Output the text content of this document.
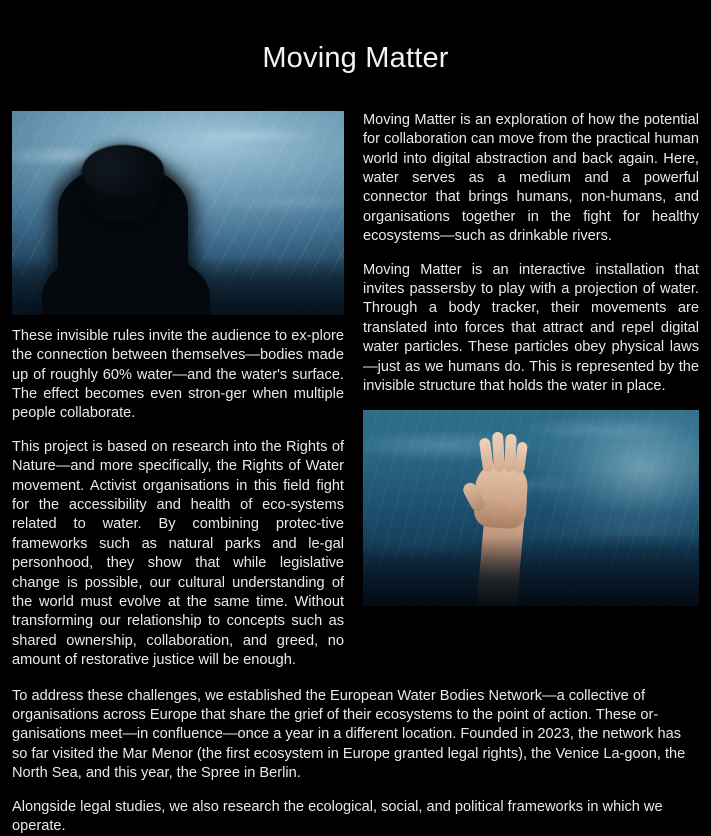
Moving Matter

These invisible rules invite the audience to ex-plore the connection between themselves—bodies made up of roughly 60% water—and the water's surface. The effect becomes even stron-ger when multiple people collaborate.

This project is based on research into the Rights of Nature—and more specifically, the Rights of Water movement. Activist organisations in this field fight for the accessibility and health of eco-systems related to water. By combining protec-tive frameworks such as natural parks and le-gal personhood, they show that while legislative change is possible, our cultural understanding of the world must evolve at the same time. Without transforming our relationship to concepts such as shared ownership, collaboration, and greed, no amount of restorative justice will be enough.

Moving Matter is an exploration of how the potential for collaboration can move from the practical human world into digital abstraction and back again. Here, water serves as a medium and a powerful connector that brings humans, non-humans, and organisations together in the fight for healthy ecosystems—such as drinkable rivers.

Moving Matter is an interactive installation that invites passersby to play with a projection of water. Through a body tracker, their movements are translated into forces that attract and repel digital water particles. These particles obey physical laws—just as we humans do. This is represented by the invisible structure that holds the water in place.

To address these challenges, we established the European Water Bodies Network—a collective of organisations across Europe that share the grief of their ecosystems to the point of action. These or-ganisations meet—in confluence—once a year in a different location. Founded in 2023, the network has so far visited the Mar Menor (the first ecosystem in Europe granted legal rights), the Venice La-goon, the North Sea, and this year, the Spree in Berlin.

Alongside legal studies, we also research the ecological, social, and political frameworks in which we operate.
